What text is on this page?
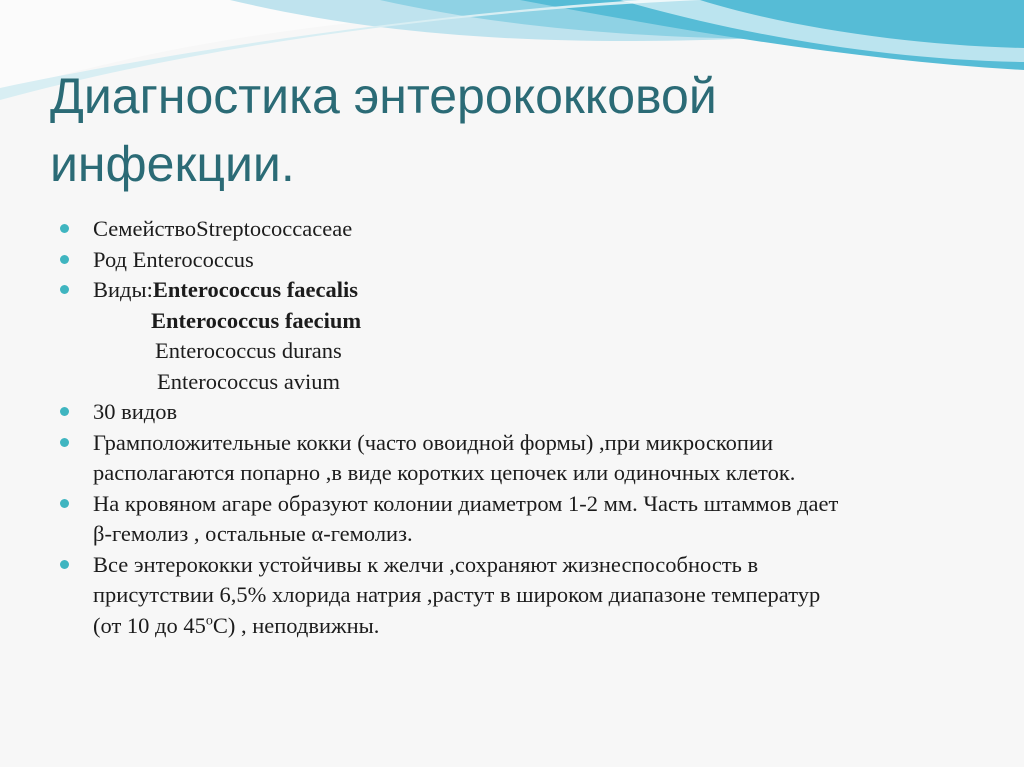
Диагностика энтерококковой
инфекции.
СемействоStreptococcaceae
Род Enterococcus
Виды:Enterococcus faecalis
Enterococcus faecium
Enterococcus durans
Enterococcus avium
30 видов
Грамположительные кокки (часто овоидной формы) ,при микроскопии
располагаются попарно ,в виде коротких цепочек или одиночных клеток.
На кровяном агаре образуют колонии диаметром 1-2 мм. Часть штаммов дает
β-гемолиз , остальные α-гемолиз.
Все энтерококки устойчивы к желчи ,сохраняют жизнеспособность в
присутствии 6,5% хлорида натрия ,растут в широком диапазоне температур
(от 10 до $45^оС$) , неподвижны.
